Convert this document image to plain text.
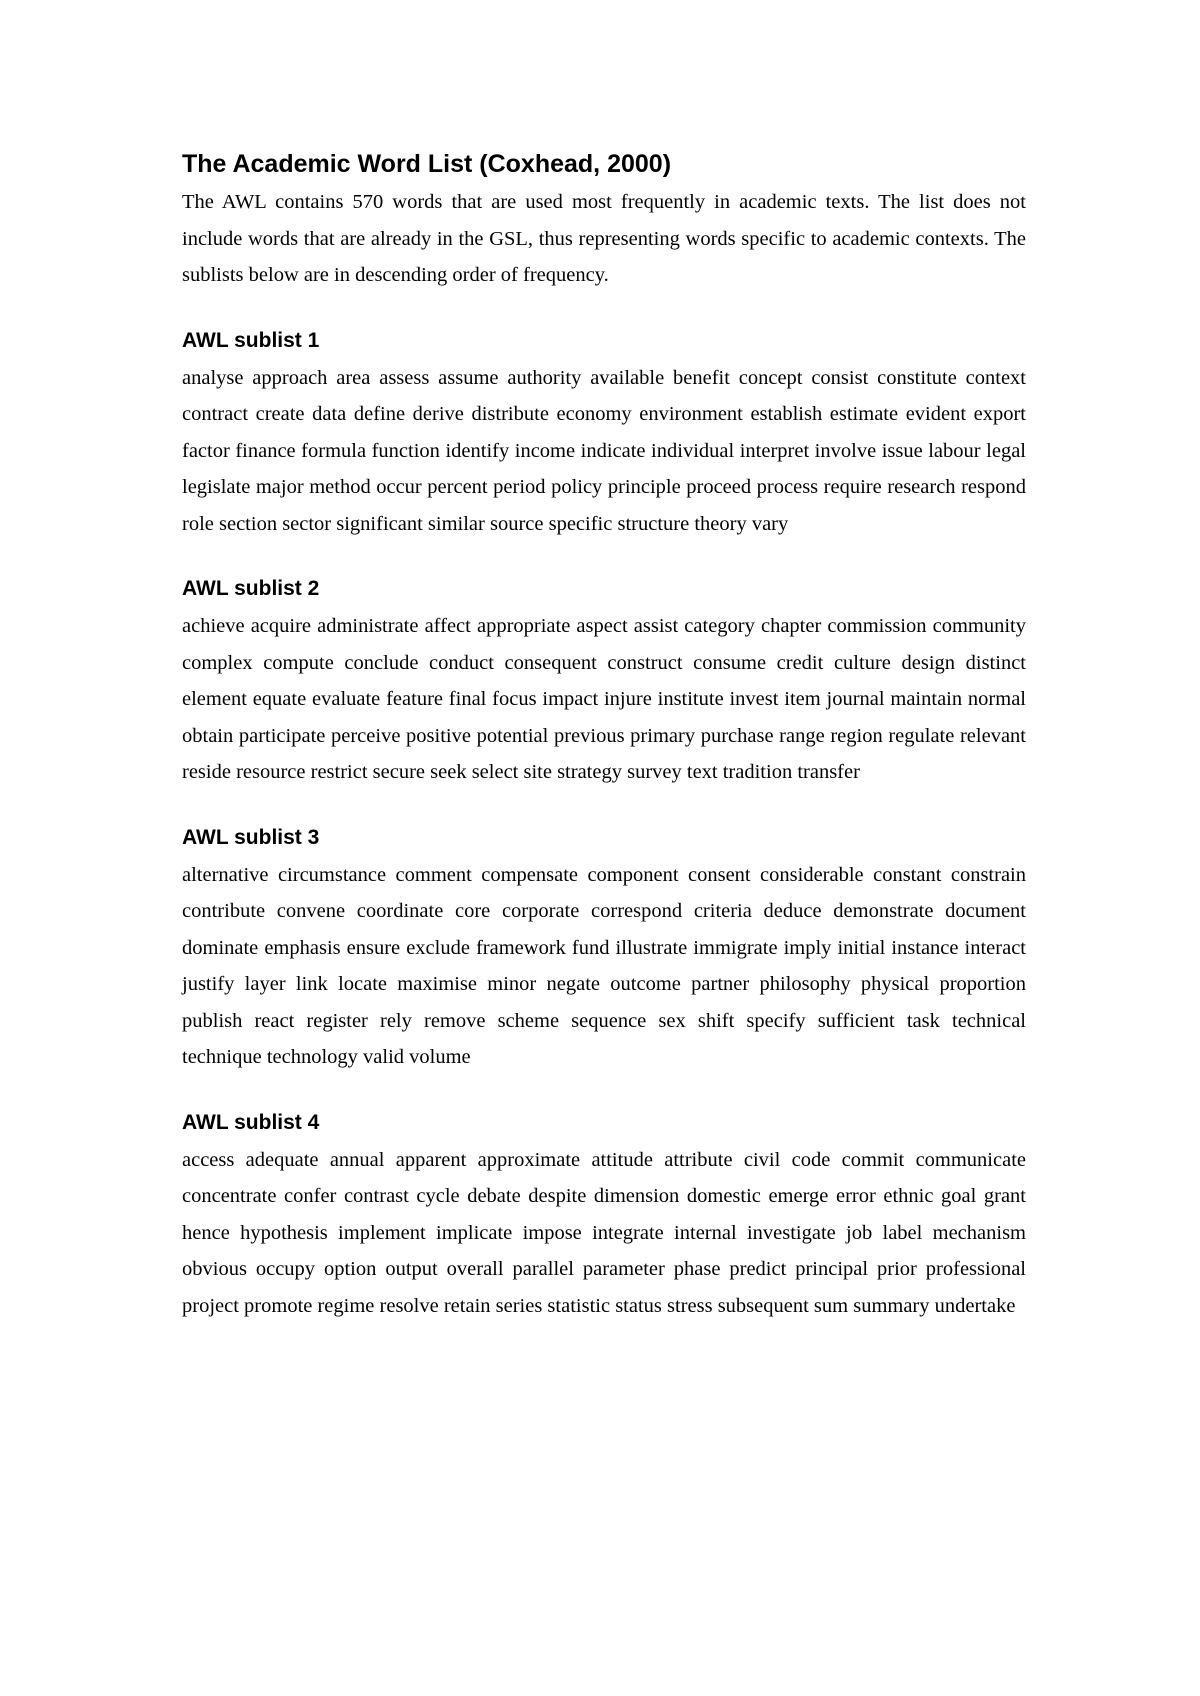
The Academic Word List (Coxhead, 2000)

The AWL contains 570 words that are used most frequently in academic texts. The list does not include words that are already in the GSL, thus representing words specific to academic contexts. The sublists below are in descending order of frequency.

AWL sublist 1

analyse approach area assess assume authority available benefit concept consist constitute context contract create data define derive distribute economy environment establish estimate evident export factor finance formula function identify income indicate individual interpret involve issue labour legal legislate major method occur percent period policy principle proceed process require research respond role section sector significant similar source specific structure theory vary

AWL sublist 2

achieve acquire administrate affect appropriate aspect assist category chapter commission community complex compute conclude conduct consequent construct consume credit culture design distinct element equate evaluate feature final focus impact injure institute invest item journal maintain normal obtain participate perceive positive potential previous primary purchase range region regulate relevant reside resource restrict secure seek select site strategy survey text tradition transfer

AWL sublist 3

alternative circumstance comment compensate component consent considerable constant constrain contribute convene coordinate core corporate correspond criteria deduce demonstrate document dominate emphasis ensure exclude framework fund illustrate immigrate imply initial instance interact justify layer link locate maximise minor negate outcome partner philosophy physical proportion publish react register rely remove scheme sequence sex shift specify sufficient task technical technique technology valid volume

AWL sublist 4

access adequate annual apparent approximate attitude attribute civil code commit communicate concentrate confer contrast cycle debate despite dimension domestic emerge error ethnic goal grant hence hypothesis implement implicate impose integrate internal investigate job label mechanism obvious occupy option output overall parallel parameter phase predict principal prior professional project promote regime resolve retain series statistic status stress subsequent sum summary undertake
